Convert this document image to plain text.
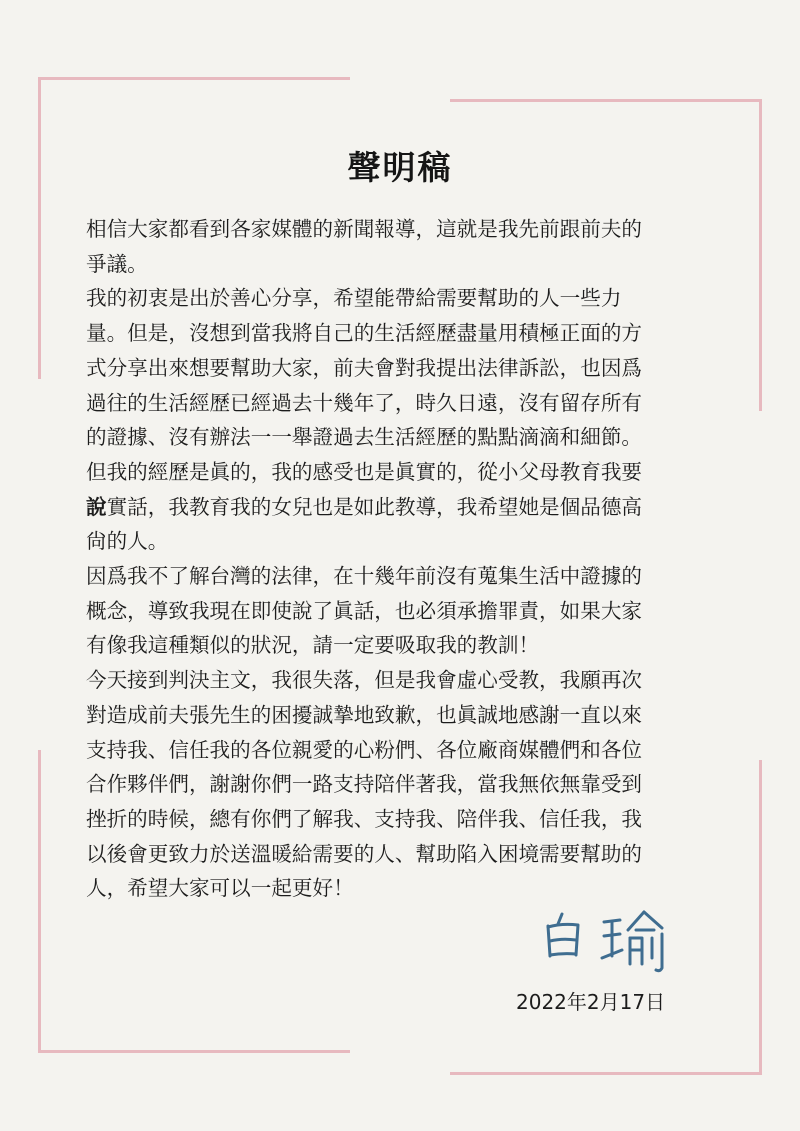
聲明稿

相信大家都看到各家媒體的新聞報導，這就是我先前跟前夫的
爭議。

我的初衷是出於善心分享，希望能帶給需要幫助的人一些力
量。但是，沒想到當我將自己的生活經歷盡量用積極正面的方
式分享出來想要幫助大家，前夫會對我提出法律訴訟，也因爲
過往的生活經歷已經過去十幾年了，時久日遠，沒有留存所有
的證據、沒有辦法一一舉證過去生活經歷的點點滴滴和細節。
但我的經歷是眞的，我的感受也是眞實的，從小父母教育我要
說實話，我教育我的女兒也是如此教導，我希望她是個品德高
尙的人。

因爲我不了解台灣的法律，在十幾年前沒有蒐集生活中證據的
概念，導致我現在即使說了眞話，也必須承擔罪責，如果大家
有像我這種類似的狀況，請一定要吸取我的教訓！

今天接到判決主文，我很失落，但是我會虛心受教，我願再次
對造成前夫張先生的困擾誠摯地致歉，也眞誠地感謝一直以來
支持我、信任我的各位親愛的心粉們、各位廠商媒體們和各位
合作夥伴們，謝謝你們一路支持陪伴著我，當我無依無靠受到
挫折的時候，總有你們了解我、支持我、陪伴我、信任我，我
以後會更致力於送溫暖給需要的人、幫助陷入困境需要幫助的
人，希望大家可以一起更好！

2022年2月17日
